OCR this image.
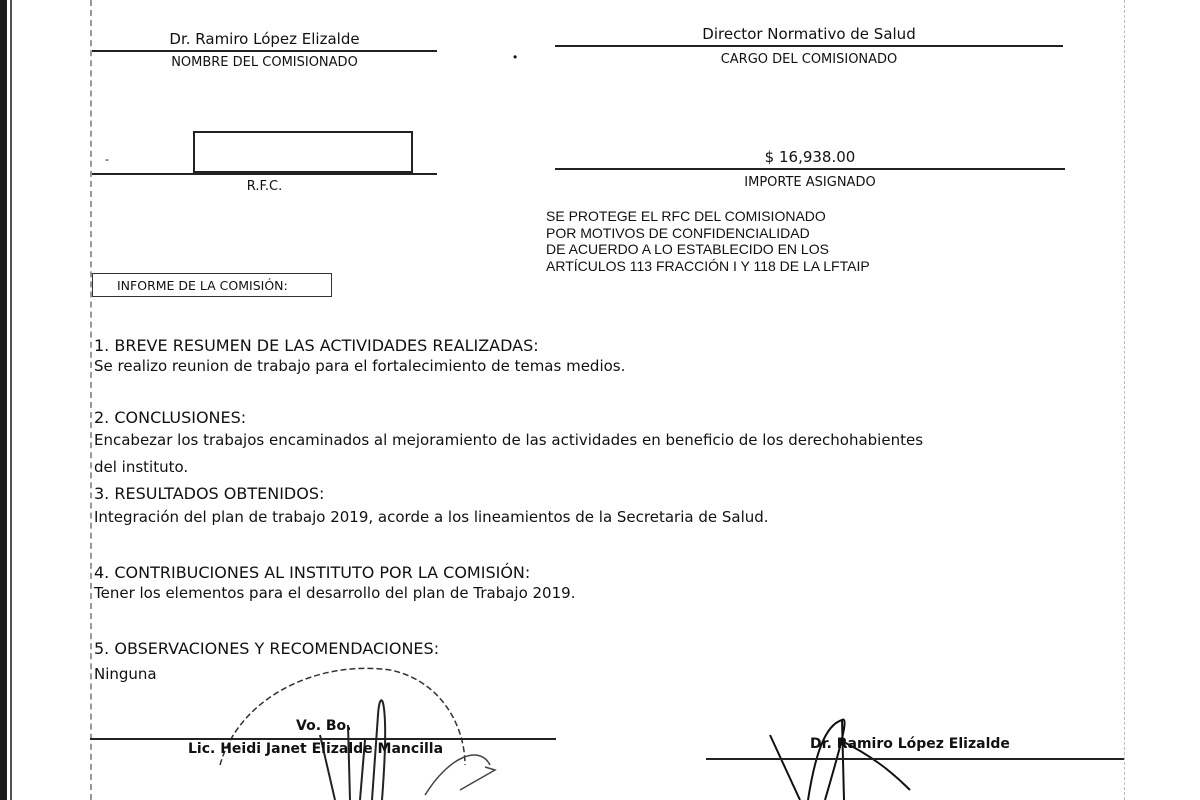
Dr. Ramiro López Elizalde
NOMBRE DEL COMISIONADO	•
Director Normativo de Salud
CARGO DEL COMISIONADO
-
R.F.C.
$ 16,938.00
IMPORTE ASIGNADO
SE PROTEGE EL RFC DEL COMISIONADO
POR MOTIVOS DE CONFIDENCIALIDAD
DE ACUERDO A LO ESTABLECIDO EN LOS
ARTÍCULOS 113 FRACCIÓN I Y 118 DE LA LFTAIP
INFORME DE LA COMISIÓN:
1. BREVE RESUMEN DE LAS ACTIVIDADES REALIZADAS:
Se realizo reunion de trabajo para el fortalecimiento de temas medios.
2. CONCLUSIONES:
Encabezar los trabajos encaminados al mejoramiento de las actividades en beneficio de los derechohabientes
del instituto.
3. RESULTADOS OBTENIDOS:
Integración del plan de trabajo 2019, acorde a los lineamientos de la Secretaria de Salud.
4. CONTRIBUCIONES AL INSTITUTO POR LA COMISIÓN:
Tener los elementos para el desarrollo del plan de Trabajo 2019.
5. OBSERVACIONES Y RECOMENDACIONES:
Ninguna
Vo. Bo.
Lic. Heidi Janet Elizalde Mancilla	Dr. Ramiro López Elizalde
